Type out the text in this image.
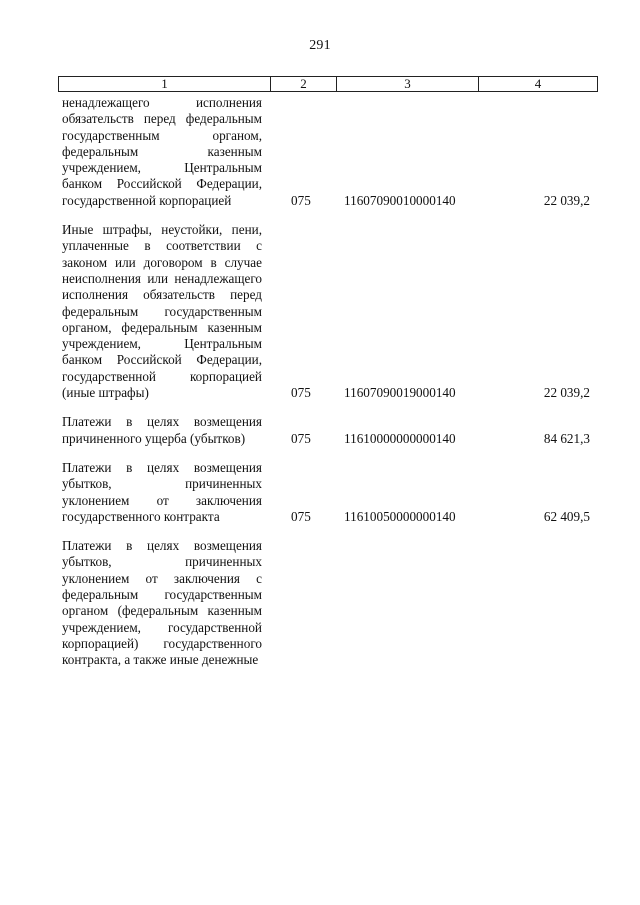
291
1	2	3	4
ненадлежащего исполнения обязательств перед федеральным государственным органом, федеральным казенным учреждением, Центральным банком Российской Федерации, государственной корпорацией	075	11607090010000140	22 039,2
Иные штрафы, неустойки, пени, уплаченные в соответствии с законом или договором в случае неисполнения или ненадлежащего исполнения обязательств перед федеральным государственным органом, федеральным казенным учреждением, Центральным банком Российской Федерации, государственной корпорацией (иные штрафы)	075	11607090019000140	22 039,2
Платежи в целях возмещения причиненного ущерба (убытков)	075	11610000000000140	84 621,3
Платежи в целях возмещения убытков, причиненных уклонением от заключения государственного контракта	075	11610050000000140	62 409,5
Платежи в целях возмещения убытков, причиненных уклонением от заключения с федеральным государственным органом (федеральным казенным учреждением, государственной корпорацией) государственного контракта, а также иные денежные
